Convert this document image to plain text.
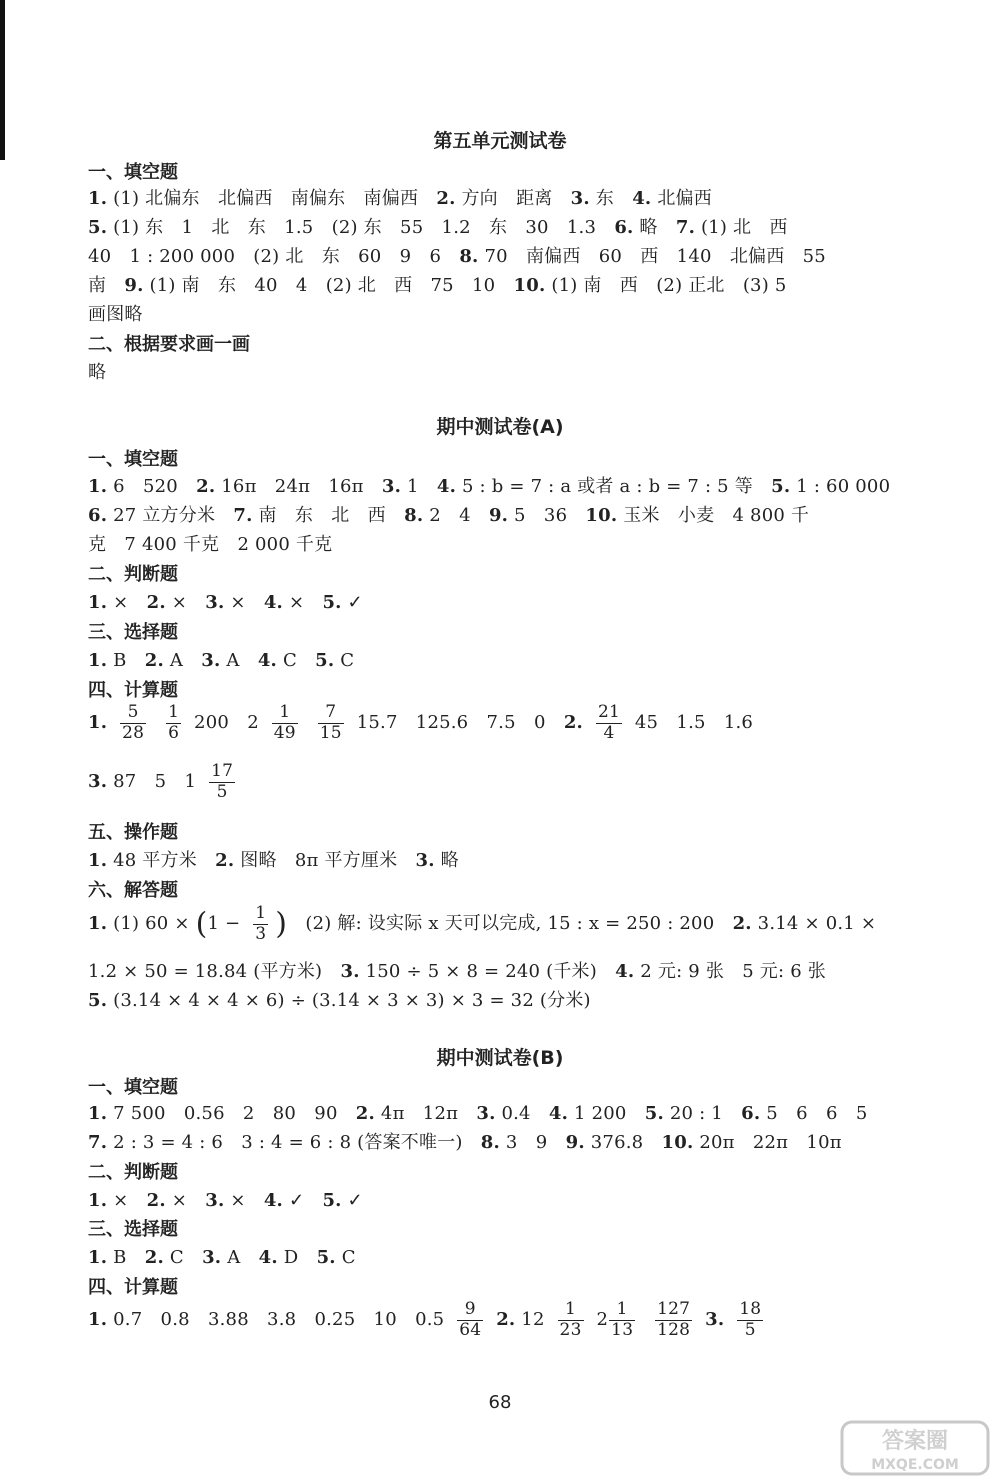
第五单元测试卷
一、填空题
1. (1) 北偏东　北偏西　南偏东　南偏西　2. 方向　距离　3. 东　4. 北偏西
5. (1) 东　1　北　东　1.5　(2) 东　55　1.2　东　30　1.3　6. 略　7. (1) 北　西
40　1 : 200 000　(2) 北　东　60　9　6　8. 70　南偏西　60　西　140　北偏西　55
南　9. (1) 南　东　40　4　(2) 北　西　75　10　10. (1) 南　西　(2) 正北　(3) 5
画图略
二、根据要求画一画
略
期中测试卷(A)
一、填空题
1. 6　520　2. 16π　24π　16π　3. 1　4. 5 : b = 7 : a 或者 a : b = 7 : 5 等　5. 1 : 60 000
6. 27 立方分米　7. 南　东　北　西　8. 2　4　9. 5　36　10. 玉米　小麦　4 800 千
克　7 400 千克　2 000 千克
二、判断题
1. ×　2. ×　3. ×　4. ×　5. ✓
三、选择题
1. B　2. A　3. A　4. C　5. C
四、计算题
1. $\frac{5}{28}$
$\frac{1}{6} 200$　$2 \frac{1}{49}$
$\frac{7}{15} 15.7$　125.6　7.5　0　2. $\frac{21}{4} 45$　1.5　1.6
3. 87　5　$1 \frac{17}{5}$
五、操作题
1. 48 平方米　2. 图略　8π 平方厘米　3. 略
六、解答题
1. (1) $60 \times (1 - \frac{1}{3}$ )　(2) 解: 设实际 x 天可以完成, 15 : x = 250 : 200　2. 3.14 × 0.1 ×
1.2 × 50 = 18.84 (平方米)　3. 150 ÷ 5 × 8 = 240 (千米)　4. 2 元: 9 张　5 元: 6 张
5. (3.14 × 4 × 4 × 6) ÷ (3.14 × 3 × 3) × 3 = 32 (分米)
期中测试卷(B)
一、填空题
1. 7 500　0.56　2　80　90　2. 4π　12π　3. 0.4　4. 1 200　5. 20 : 1　6. 5　6　6　5
7. 2 : 3 = 4 : 6　3 : 4 = 6 : 8 (答案不唯一)　8. 3　9　9. 376.8　10. 20π　22π　10π
二、判断题
1. ×　2. ×　3. ×　4. ✓　5. ✓
三、选择题
1. B　2. C　3. A　4. D　5. C
四、计算题
1. 0.7　0.8　3.88　3.8　0.25　10　$0.5 \frac{9}{64} 2$. $12 \frac{1}{23} 2 \frac{1}{13}$
$\frac{127}{128} 3$. $\frac{18}{5}$
68
答案圈
MXQE.COM
